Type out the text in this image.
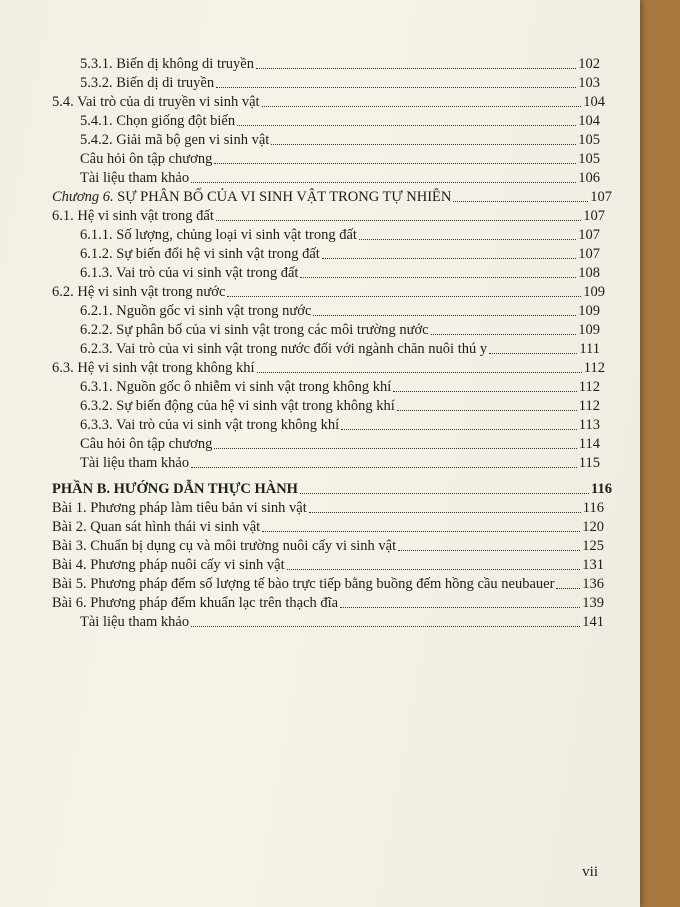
5.3.1. Biến dị không di truyền	102
5.3.2. Biến dị di truyền	103
5.4. Vai trò của di truyền vi sinh vật	104
5.4.1. Chọn giống đột biến	104
5.4.2. Giải mã bộ gen vi sinh vật	105
Câu hỏi ôn tập chương	105
Tài liệu tham khảo	106
Chương 6. SỰ PHÂN BỐ CỦA VI SINH VẬT TRONG TỰ NHIÊN	107
6.1. Hệ vi sinh vật trong đất	107
6.1.1. Số lượng, chủng loại vi sinh vật trong đất	107
6.1.2. Sự biến đổi hệ vi sinh vật trong đất	107
6.1.3. Vai trò của vi sinh vật trong đất	108
6.2. Hệ vi sinh vật trong nước	109
6.2.1. Nguồn gốc vi sinh vật trong nước	109
6.2.2. Sự phân bố của vi sinh vật trong các môi trường nước	109
6.2.3. Vai trò của vi sinh vật trong nước đối với ngành chăn nuôi thú y	111
6.3. Hệ vi sinh vật trong không khí	112
6.3.1. Nguồn gốc ô nhiễm vi sinh vật trong không khí	112
6.3.2. Sự biến động của hệ vi sinh vật trong không khí	112
6.3.3. Vai trò của vi sinh vật trong không khí	113
Câu hỏi ôn tập chương	114
Tài liệu tham khảo	115
PHẦN B. HƯỚNG DẪN THỰC HÀNH	116
Bài 1. Phương pháp làm tiêu bản vi sinh vật	116
Bài 2. Quan sát hình thái vi sinh vật	120
Bài 3. Chuẩn bị dụng cụ và môi trường nuôi cấy vi sinh vật	125
Bài 4. Phương pháp nuôi cấy vi sinh vật	131
Bài 5. Phương pháp đếm số lượng tế bào trực tiếp bằng buồng đếm hồng cầu neubauer 136
Bài 6. Phương pháp đếm khuẩn lạc trên thạch đĩa	139
Tài liệu tham khảo	141
vii
